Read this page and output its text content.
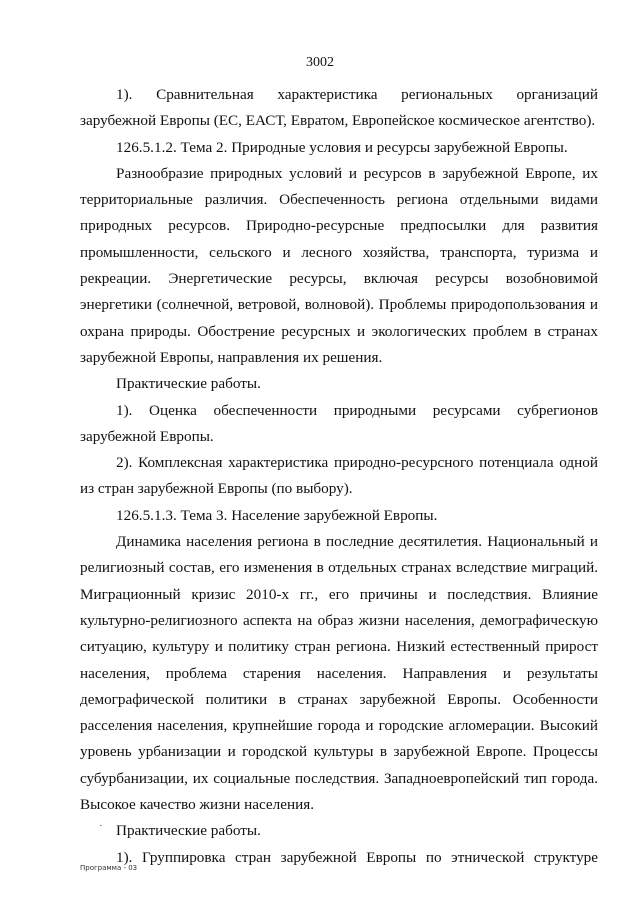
3002

1). Сравнительная характеристика региональных организаций зарубежной Европы (ЕС, ЕАСТ, Евратом, Европейское космическое агентство).

126.5.1.2. Тема 2. Природные условия и ресурсы зарубежной Европы.

Разнообразие природных условий и ресурсов в зарубежной Европе, их территориальные различия. Обеспеченность региона отдельными видами природных ресурсов. Природно-ресурсные предпосылки для развития промышленности, сельского и лесного хозяйства, транспорта, туризма и рекреации. Энергетические ресурсы, включая ресурсы возобновимой энергетики (солнечной, ветровой, волновой). Проблемы природопользования и охрана природы. Обострение ресурсных и экологических проблем в странах зарубежной Европы, направления их решения.

Практические работы.

1). Оценка обеспеченности природными ресурсами субрегионов зарубежной Европы.

2). Комплексная характеристика природно-ресурсного потенциала одной из стран зарубежной Европы (по выбору).

126.5.1.3. Тема 3. Население зарубежной Европы.

Динамика населения региона в последние десятилетия. Национальный и религиозный состав, его изменения в отдельных странах вследствие миграций. Миграционный кризис 2010-х гг., его причины и последствия. Влияние культурно-религиозного аспекта на образ жизни населения, демографическую ситуацию, культуру и политику стран региона. Низкий естественный прирост населения, проблема старения населения. Направления и результаты демографической политики в странах зарубежной Европы. Особенности расселения населения, крупнейшие города и городские агломерации. Высокий уровень урбанизации и городской культуры в зарубежной Европе. Процессы субурбанизации, их социальные последствия. Западноевропейский тип города. Высокое качество жизни населения.

Практические работы.

1). Группировка стран зарубежной Европы по этнической структуре

·
Программа - 03
